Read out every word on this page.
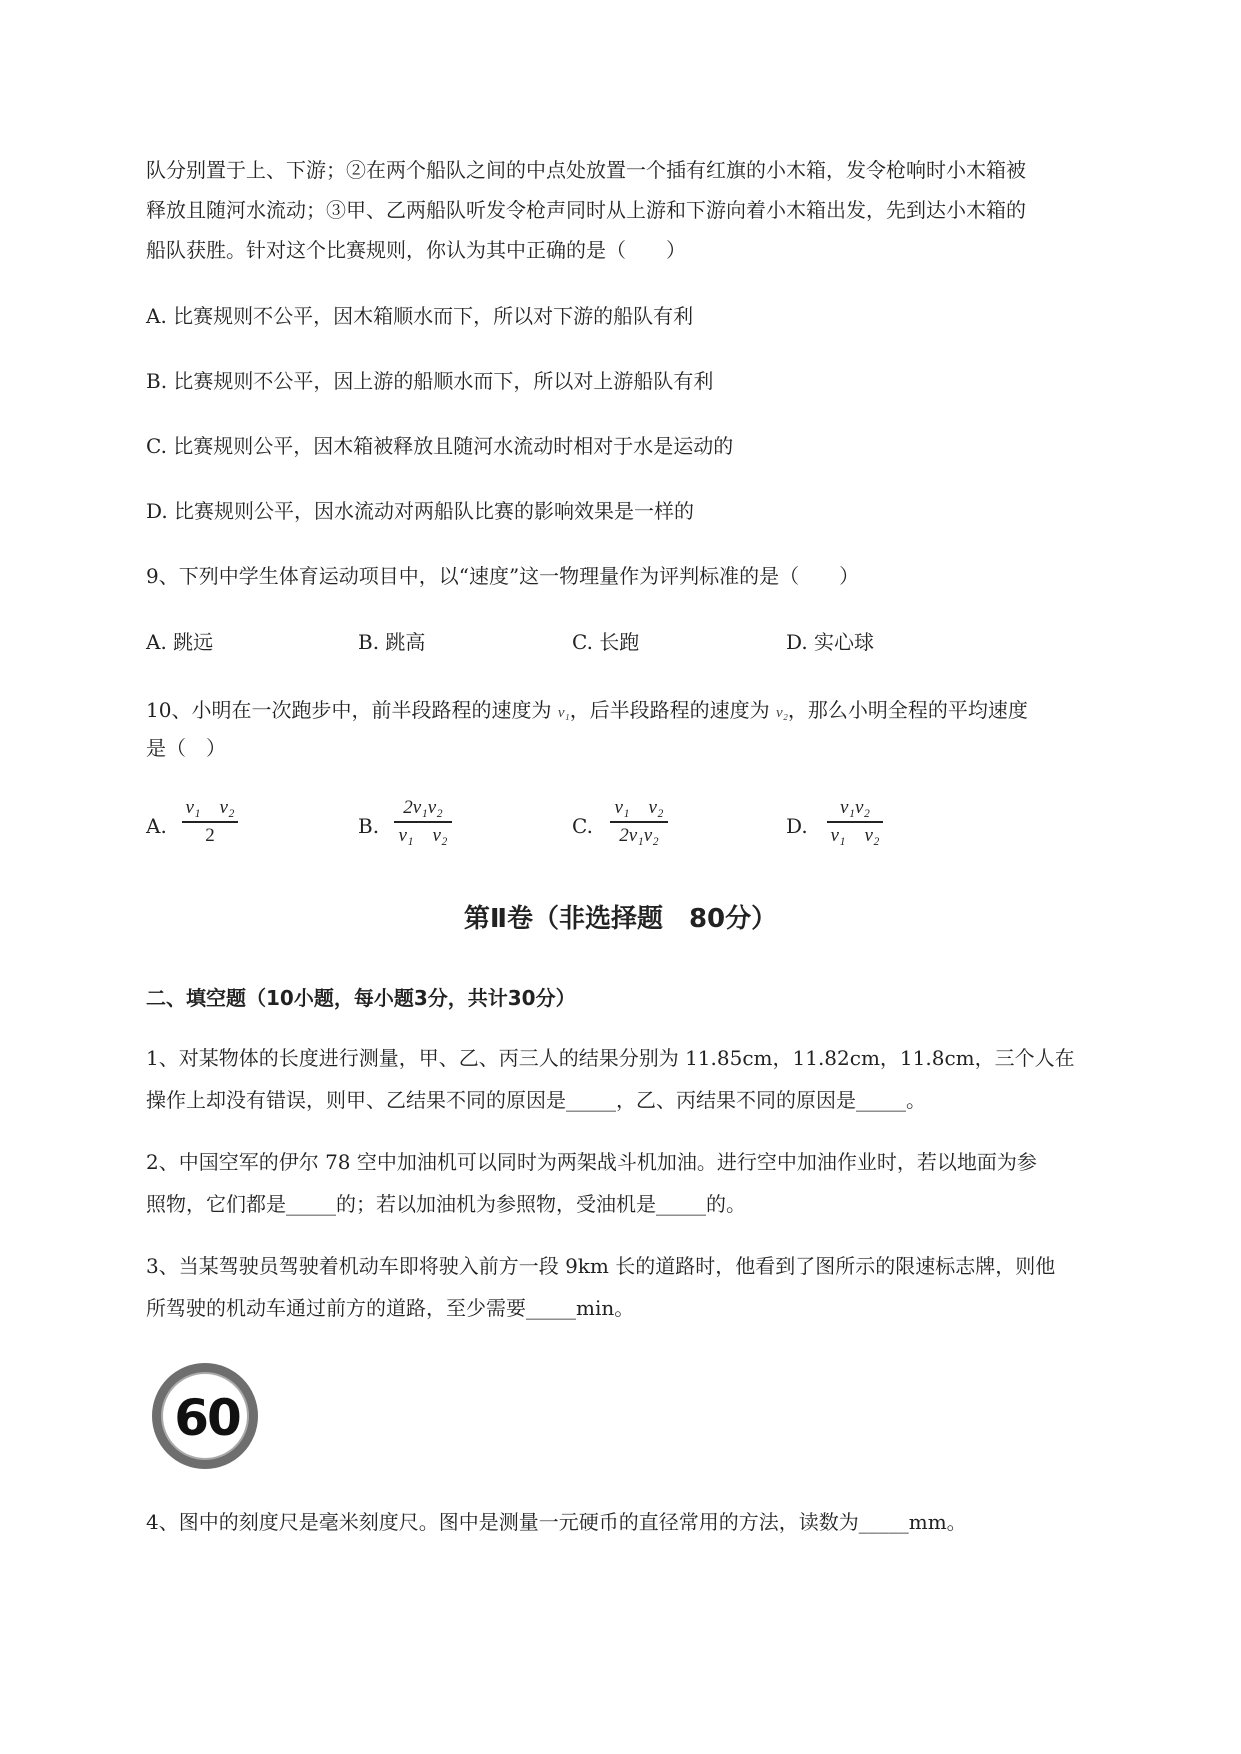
队分别置于上、下游；②在两个船队之间的中点处放置一个插有红旗的小木箱，发令枪响时小木箱被
释放且随河水流动；③甲、乙两船队听发令枪声同时从上游和下游向着小木箱出发，先到达小木箱的
船队获胜。针对这个比赛规则，你认为其中正确的是（　　）
A. 比赛规则不公平，因木箱顺水而下，所以对下游的船队有利
B. 比赛规则不公平，因上游的船顺水而下，所以对上游船队有利
C. 比赛规则公平，因木箱被释放且随河水流动时相对于水是运动的
D. 比赛规则公平，因水流动对两船队比赛的影响效果是一样的
9、下列中学生体育运动项目中，以“速度”这一物理量作为评判标准的是（　　）
A. 跳远	B. 跳高	C. 长跑	D. 实心球
10、小明在一次跑步中，前半段路程的速度为 v₁，后半段路程的速度为 v₂，那么小明全程的平均速度
是（　）
A.
v₁　v₂
2	B.
2v₁v₂
v₁　v₂	C.
v₁　v₂
2v₁v₂	D.
v₁v₂
v₁　v₂
第Ⅱ卷（非选择题　80分）
二、填空题（10小题，每小题3分，共计30分）
1、对某物体的长度进行测量，甲、乙、丙三人的结果分别为 11.85cm，11.82cm，11.8cm，三个人在
操作上却没有错误，则甲、乙结果不同的原因是_____，乙、丙结果不同的原因是_____。
2、中国空军的伊尔 78 空中加油机可以同时为两架战斗机加油。进行空中加油作业时，若以地面为参
照物，它们都是_____的；若以加油机为参照物，受油机是_____的。
3、当某驾驶员驾驶着机动车即将驶入前方一段 9km 长的道路时，他看到了图所示的限速标志牌，则他
所驾驶的机动车通过前方的道路，至少需要_____min。
60
4、图中的刻度尺是毫米刻度尺。图中是测量一元硬币的直径常用的方法，读数为_____mm。
